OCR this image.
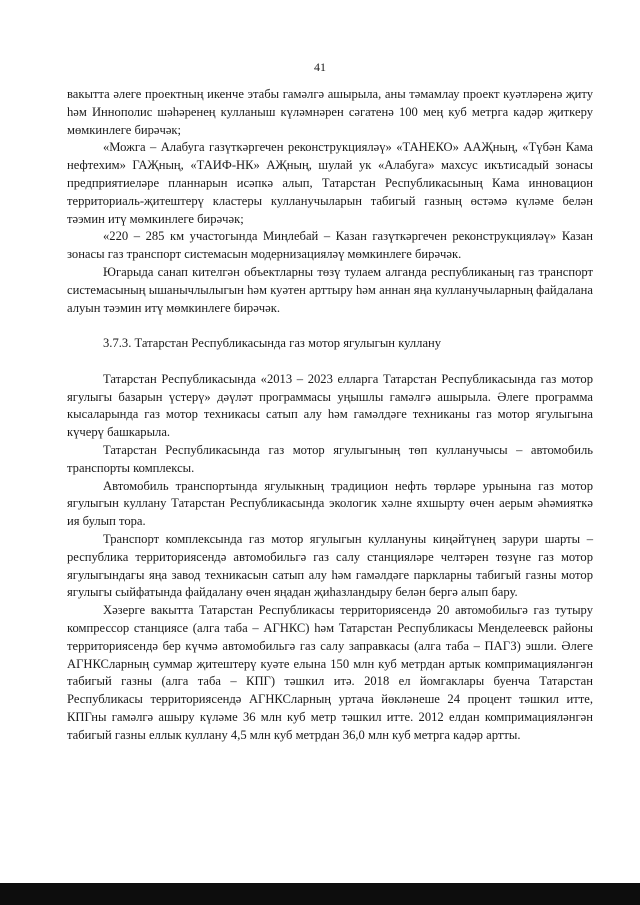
41

вакытта әлеге проектның икенче этабы гамәлгә ашырыла, аны тәмамлау проект куәтләренә җиту һәм Иннополис шәһәренең кулланыш күләмнәрен сәгатенә 100 мең куб метрга кадәр җиткеру мөмкинлеге бирәчәк;

«Можга – Алабуга газүткәргечен реконструкцияләү» «ТАНЕКО» ААҖның, «Түбән Кама нефтехим» ГАҖның, «ТАИФ-НК» АҖның, шулай ук «Алабуга» махсус икътисадый зонасы предприятиеләре планнарын исәпкә алып, Татарстан Республикасының Кама инновацион территориаль-җитештерү кластеры кулланучыларын табигый газның өстәмә күләме белән тәэмин итү мөмкинлеге бирәчәк;

«220 – 285 км участогында Миңлебай – Казан газүткәргечен реконструкцияләү» Казан зонасы газ транспорт системасын модернизацияләү мөмкинлеге бирәчәк.

Югарыда санап кителгән объектларны төзү тулаем алганда республиканың газ транспорт системасының ышанычлылыгын һәм куәтен арттыру һәм аннан яңа кулланучыларның файдалана алуын тәэмин итү мөмкинлеге бирәчәк.

3.7.3. Татарстан Республикасында газ мотор ягулыгын куллану

Татарстан Республикасында «2013 – 2023 елларга Татарстан Республикасында газ мотор ягулыгы базарын үстерү» дәүләт программасы уңышлы гамәлгә ашырыла. Әлеге программа кысаларында газ мотор техникасы сатып алу һәм гамәлдәге техниканы газ мотор ягулыгына күчерү башкарыла.

Татарстан Республикасында газ мотор ягулыгының төп кулланучысы – автомобиль транспорты комплексы.

Автомобиль транспортында ягулыкның традицион нефть төрләре урынына газ мотор ягулыгын куллану Татарстан Республикасында экологик хәлне яхшырту өчен аерым әһәмияткә ия булып тора.

Транспорт комплексында газ мотор ягулыгын куллануны киңәйтүнең зарури шарты – республика территориясендә автомобильгә газ салу станцияләре челтәрен төзүне газ мотор ягулыгындагы яңа завод техникасын сатып алу һәм гамәлдәге паркларны табигый газны мотор ягулыгы сыйфатында файдалану өчен яңадан җиһазландыру белән бергә алып бару.

Хәзерге вакытта Татарстан Республикасы территориясендә 20 автомобильгә газ тутыру компрессор станциясе (алга таба – АГНКС) һәм Татарстан Республикасы Менделеевск районы территориясендә бер күчмә автомобильгә газ салу заправкасы (алга таба – ПАГЗ) эшли. Әлеге АГНКСларның суммар җитештерү куәте елына 150 млн куб метрдан артык компримацияләнгән табигый газны (алга таба – КПГ) тәшкил итә. 2018 ел йомгаклары буенча Татарстан Республикасы территориясендә АГНКСларның уртача йөкләнеше 24 процент тәшкил итте, КПГны гамәлгә ашыру күләме 36 млн куб метр тәшкил итте. 2012 елдан компримацияләнгән табигый газны еллык куллану 4,5 млн куб метрдан 36,0 млн куб метрга кадәр артты.
